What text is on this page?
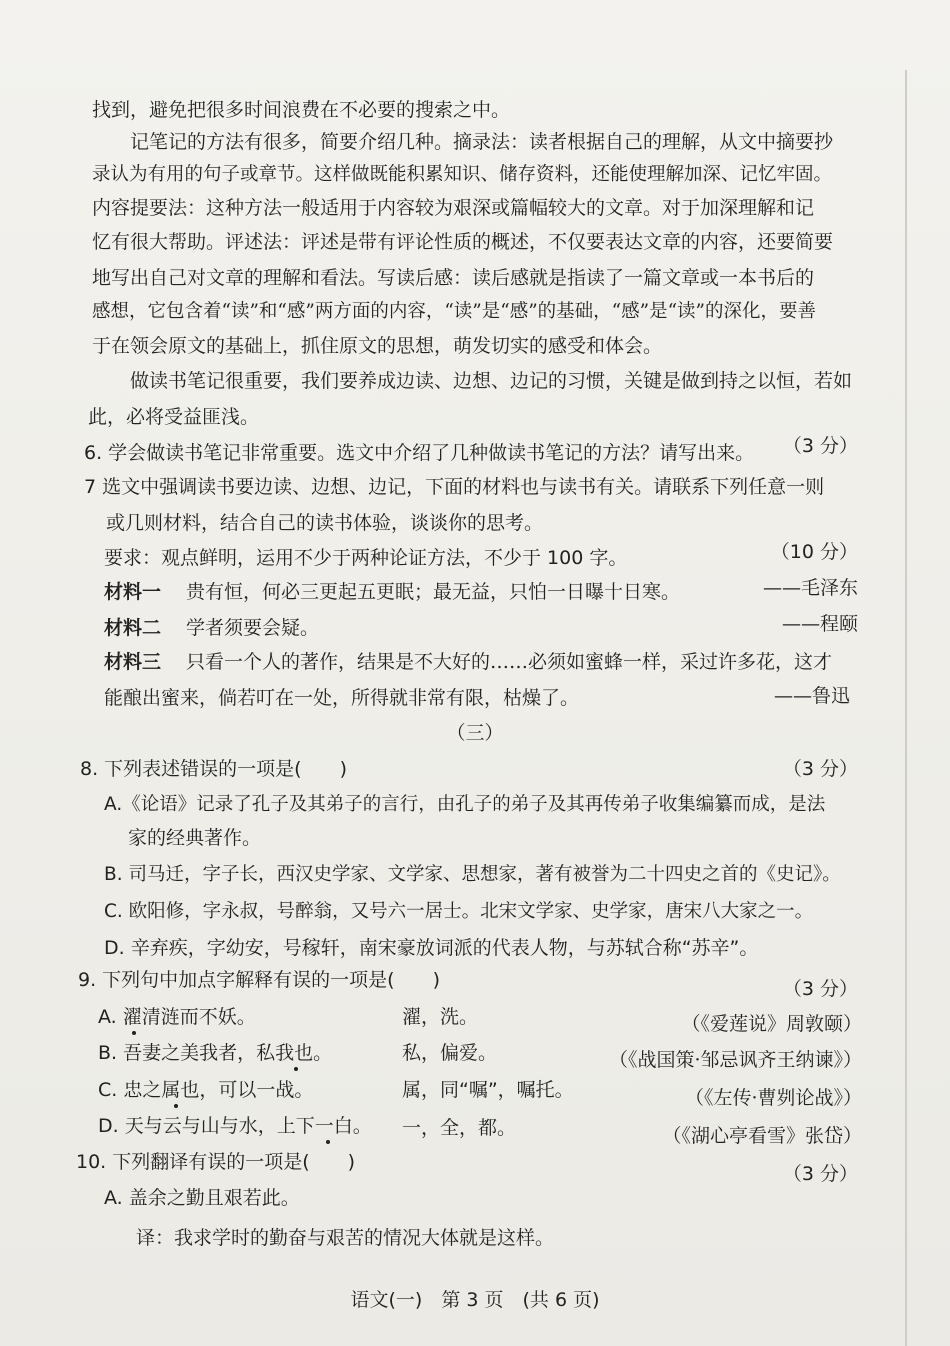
找到，避免把很多时间浪费在不必要的搜索之中。
记笔记的方法有很多，简要介绍几种。摘录法：读者根据自己的理解，从文中摘要抄
录认为有用的句子或章节。这样做既能积累知识、储存资料，还能使理解加深、记忆牢固。
内容提要法：这种方法一般适用于内容较为艰深或篇幅较大的文章。对于加深理解和记
忆有很大帮助。评述法：评述是带有评论性质的概述，不仅要表达文章的内容，还要简要
地写出自己对文章的理解和看法。写读后感：读后感就是指读了一篇文章或一本书后的
感想，它包含着“读”和“感”两方面的内容，“读”是“感”的基础，“感”是“读”的深化，要善
于在领会原文的基础上，抓住原文的思想，萌发切实的感受和体会。
做读书笔记很重要，我们要养成边读、边想、边记的习惯，关键是做到持之以恒，若如
此，必将受益匪浅。
6. 学会做读书笔记非常重要。选文中介绍了几种做读书笔记的方法？请写出来。 （3 分）
7 选文中强调读书要边读、边想、边记，下面的材料也与读书有关。请联系下列任意一则
或几则材料，结合自己的读书体验，谈谈你的思考。
要求：观点鲜明，运用不少于两种论证方法，不少于 100 字。	（10 分）
材料一 贵有恒，何必三更起五更眠；最无益，只怕一日曝十日寒。	——毛泽东
材料二 学者须要会疑。	——程颐
材料三 只看一个人的著作，结果是不大好的……必须如蜜蜂一样，采过许多花，这才
能酿出蜜来，倘若叮在一处，所得就非常有限，枯燥了。	——鲁迅
（三）
8. 下列表述错误的一项是(　　)	（3 分）
A.《论语》记录了孔子及其弟子的言行，由孔子的弟子及其再传弟子收集编纂而成，是法
家的经典著作。
B. 司马迁，字子长，西汉史学家、文学家、思想家，著有被誉为二十四史之首的《史记》。
C. 欧阳修，字永叔，号醉翁，又号六一居士。北宋文学家、史学家，唐宋八大家之一。
D. 辛弃疾，字幼安，号稼轩，南宋豪放词派的代表人物，与苏轼合称“苏辛”。
9. 下列句中加点字解释有误的一项是(　　)	（3 分）
A. 濯清涟而不妖。	濯，洗。	（《爱莲说》周敦颐）
B. 吾妻之美我者，私我也。	私，偏爱。	（《战国策·邹忌讽齐王纳谏》）
C. 忠之属也，可以一战。	属，同“嘱”，嘱托。	（《左传·曹刿论战》）
D. 天与云与山与水，上下一白。 一，全，都。	（《湖心亭看雪》张岱）
10. 下列翻译有误的一项是(　　)
（3 分）
A. 盖余之勤且艰若此。
译：我求学时的勤奋与艰苦的情况大体就是这样。
语文(一)　第 3 页　(共 6 页)
